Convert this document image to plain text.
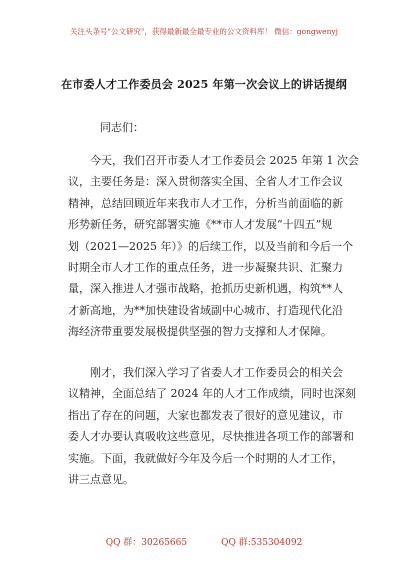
关注头条号"公文研究"，获得最新最全最专业的公文资料库！ 微信：gongwenyj
在市委人才工作委员会 2025 年第一次会议上的讲话提纲
同志们：
今天，我们召开市委人才工作委员会 2025 年第 1 次会
议，主要任务是：深入贯彻落实全国、全省人才工作会议
精神，总结回顾近年来我市人才工作，分析当前面临的新
形势新任务，研究部署实施《**市人才发展“十四五”规
划（2021—2025 年）》的后续工作，以及当前和今后一个
时期全市人才工作的重点任务，进一步凝聚共识、汇聚力
量，深入推进人才强市战略，抢抓历史新机遇，构筑**人
才新高地，为**加快建设省域副中心城市、打造现代化沿
海经济带重要发展极提供坚强的智力支撑和人才保障。
刚才，我们深入学习了省委人才工作委员会的相关会
议精神，全面总结了 2024 年的人才工作成绩，同时也深刻
指出了存在的问题，大家也都发表了很好的意见建议，市
委人才办要认真吸收这些意见，尽快推进各项工作的部署和
实施。下面，我就做好今年及今后一个时期的人才工作，
讲三点意见。
QQ 群：30265665	QQ 群:535304092
